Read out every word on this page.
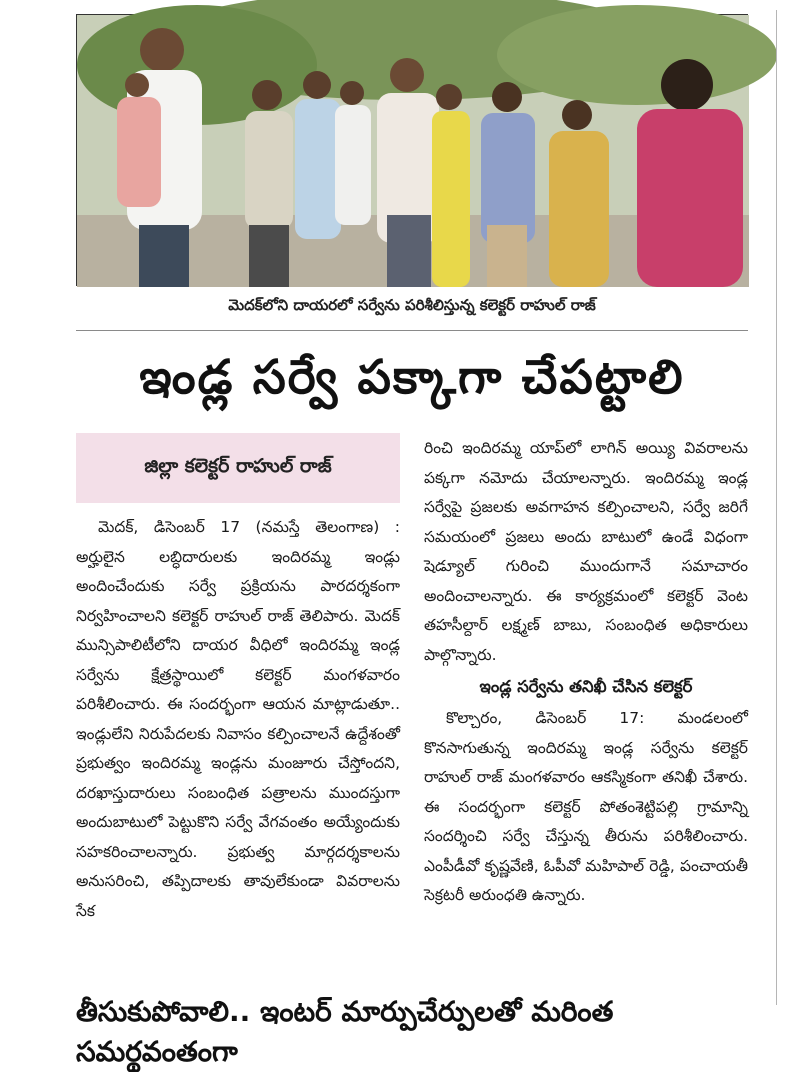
మెదక్‌లోని దాయరలో సర్వేను పరిశీలిస్తున్న కలెక్టర్ రాహుల్ రాజ్
ఇండ్ల సర్వే పక్కాగా చేపట్టాలి
జిల్లా కలెక్టర్ రాహుల్ రాజ్

మెదక్, డిసెంబర్ 17 (నమస్తే తెలంగాణ) : అర్హులైన లబ్ధిదారులకు ఇందిరమ్మ ఇండ్లు అందించేందుకు సర్వే ప్రక్రియను పారదర్శకంగా నిర్వహించాలని కలెక్టర్ రాహుల్ రాజ్ తెలిపారు. మెదక్ మున్సిపాలిటీలోని దాయర వీధిలో ఇందిరమ్మ ఇండ్ల సర్వేను క్షేత్రస్థాయిలో కలెక్టర్ మంగళవారం పరిశీలించారు. ఈ సందర్భంగా ఆయన మాట్లాడుతూ.. ఇండ్లులేని నిరుపేదలకు నివాసం కల్పించాలనే ఉద్దేశంతో ప్రభుత్వం ఇందిరమ్మ ఇండ్లను మంజూరు చేస్తోందని, దరఖాస్తుదారులు సంబంధిత పత్రాలను ముందస్తుగా అందుబాటులో పెట్టుకొని సర్వే వేగవంతం అయ్యేందుకు సహకరించాలన్నారు. ప్రభుత్వ మార్గదర్శకాలను అనుసరించి, తప్పిదాలకు తావులేకుండా వివరాలను సేక

రించి ఇందిరమ్మ యాప్‌లో లాగిన్ అయ్యి వివరాలను పక్కగా నమోదు చేయాలన్నారు. ఇందిరమ్మ ఇండ్ల సర్వేపై ప్రజలకు అవగాహన కల్పించాలని, సర్వే జరిగే సమయంలో ప్రజలు అందు బాటులో ఉండే విధంగా షెడ్యూల్ గురించి ముందుగానే సమాచారం అందించాలన్నారు. ఈ కార్యక్రమంలో కలెక్టర్ వెంట తహసీల్దార్ లక్ష్మణ్ బాబు, సంబంధిత అధికారులు పాల్గొన్నారు.

ఇండ్ల సర్వేను తనిఖీ చేసిన కలెక్టర్

కొల్చారం, డిసెంబర్ 17: మండలంలో కొనసాగుతున్న ఇందిరమ్మ ఇండ్ల సర్వేను కలెక్టర్ రాహుల్ రాజ్ మంగళవారం ఆకస్మికంగా తనిఖీ చేశారు. ఈ సందర్భంగా కలెక్టర్ పోతంశెట్టిపల్లి గ్రామాన్ని సందర్శించి సర్వే చేస్తున్న తీరును పరిశీలించారు. ఎంపీడీవో కృష్ణవేణి, ఓపీవో మహిపాల్ రెడ్డి, పంచాయతీ సెక్రటరీ అరుంధతి ఉన్నారు.

తీసుకుపోవాలి.. ఇంటర్ మార్పుచేర్పులతో మరింత సమర్థవంతంగా
